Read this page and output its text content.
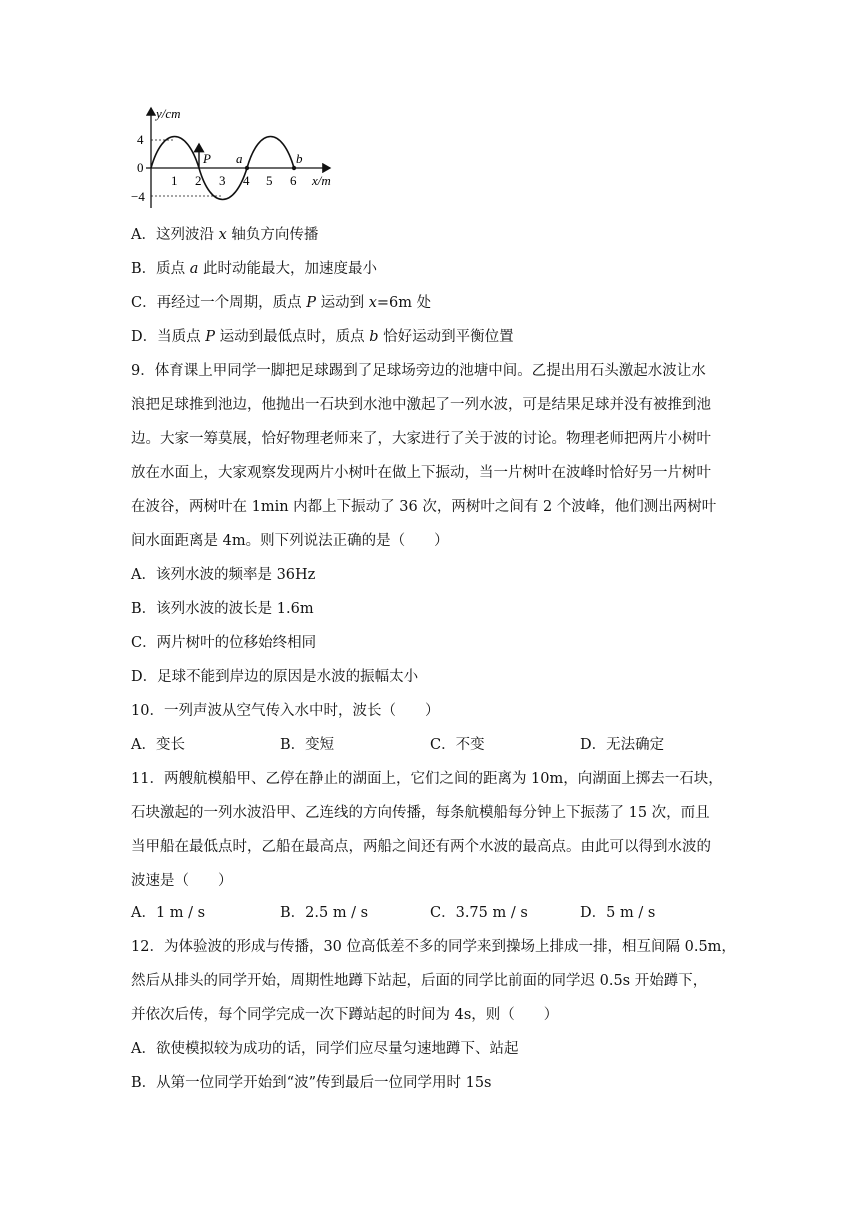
y/cm
x/m
4
0
−4
1 2 3 4 5 6
P a	b
A．这列波沿 x 轴负方向传播
B．质点 a 此时动能最大，加速度最小
C．再经过一个周期，质点 P 运动到 x=6m 处
D．当质点 P 运动到最低点时，质点 b 恰好运动到平衡位置
9．体育课上甲同学一脚把足球踢到了足球场旁边的池塘中间。乙提出用石头激起水波让水
浪把足球推到池边，他抛出一石块到水池中激起了一列水波，可是结果足球并没有被推到池
边。大家一筹莫展，恰好物理老师来了，大家进行了关于波的讨论。物理老师把两片小树叶
放在水面上，大家观察发现两片小树叶在做上下振动，当一片树叶在波峰时恰好另一片树叶
在波谷，两树叶在 1min 内都上下振动了 36 次，两树叶之间有 2 个波峰，他们测出两树叶
间水面距离是 4m。则下列说法正确的是（　　）
A．该列水波的频率是 36Hz
B．该列水波的波长是 1.6m
C．两片树叶的位移始终相同
D．足球不能到岸边的原因是水波的振幅太小
10．一列声波从空气传入水中时，波长（　　）
A．变长	B．变短	C．不变	D．无法确定
11．两艘航模船甲、乙停在静止的湖面上，它们之间的距离为 10m，向湖面上掷去一石块，
石块激起的一列水波沿甲、乙连线的方向传播，每条航模船每分钟上下振荡了 15 次，而且
当甲船在最低点时，乙船在最高点，两船之间还有两个水波的最高点。由此可以得到水波的
波速是（　　）
A．1 m / s	B．2.5 m / s	C．3.75 m / s	D．5 m / s
12．为体验波的形成与传播，30 位高低差不多的同学来到操场上排成一排，相互间隔 0.5m，
然后从排头的同学开始，周期性地蹲下站起，后面的同学比前面的同学迟 0.5s 开始蹲下，
并依次后传，每个同学完成一次下蹲站起的时间为 4s，则（　　）
A．欲使模拟较为成功的话，同学们应尽量匀速地蹲下、站起
B．从第一位同学开始到“波”传到最后一位同学用时 15s
